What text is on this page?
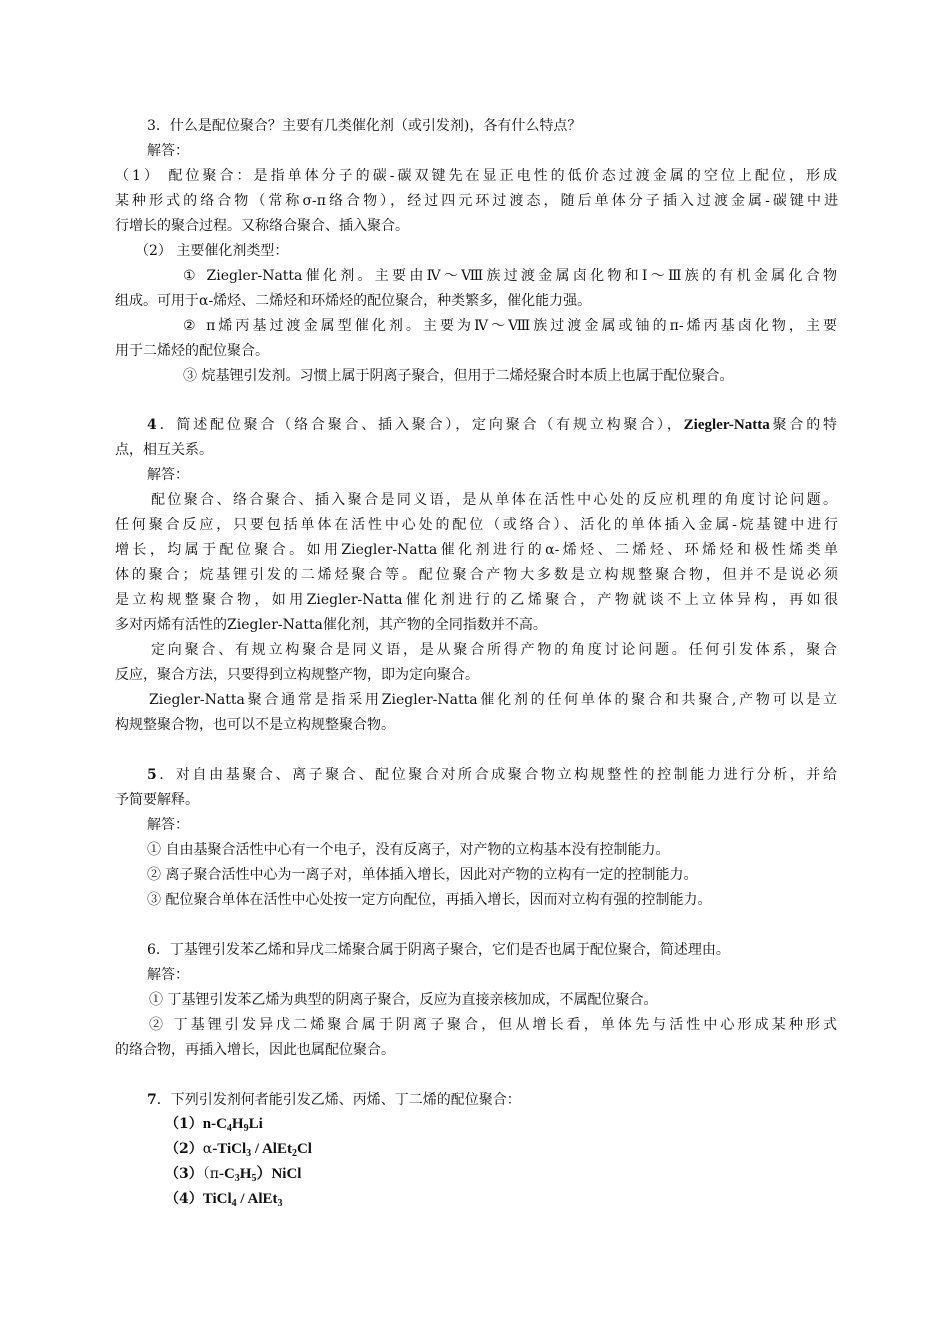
3．什么是配位聚合？主要有几类催化剂（或引发剂)，各有什么特点？
解答：
（1） 配位聚合：是指单体分子的碳-碳双键先在显正电性的低价态过渡金属的空位上配位，形成
某种形式的络合物（常称σ-π络合物），经过四元环过渡态，随后单体分子插入过渡金属-碳键中进
行增长的聚合过程。又称络合聚合、插入聚合。
（2） 主要催化剂类型：
① Ziegler-Natta催化剂。主要由Ⅳ～Ⅷ族过渡金属卤化物和Ⅰ～Ⅲ族的有机金属化合物
组成。可用于α-烯烃、二烯烃和环烯烃的配位聚合，种类繁多，催化能力强。
② π烯丙基过渡金属型催化剂。主要为Ⅳ～Ⅷ族过渡金属或铀的π-烯丙基卤化物，主要
用于二烯烃的配位聚合。
③ 烷基锂引发剂。习惯上属于阴离子聚合，但用于二烯烃聚合时本质上也属于配位聚合。
4．简述配位聚合（络合聚合、插入聚合），定向聚合（有规立构聚合），Ziegler-Natta聚合的特
点，相互关系。
解答：
配位聚合、络合聚合、插入聚合是同义语，是从单体在活性中心处的反应机理的角度讨论问题。
任何聚合反应，只要包括单体在活性中心处的配位（或络合）、活化的单体插入金属-烷基键中进行
增长，均属于配位聚合。如用Ziegler-Natta催化剂进行的α-烯烃、二烯烃、环烯烃和极性烯类单
体的聚合；烷基锂引发的二烯烃聚合等。配位聚合产物大多数是立构规整聚合物，但并不是说必须
是立构规整聚合物，如用Ziegler-Natta催化剂进行的乙烯聚合，产物就谈不上立体异构，再如很
多对丙烯有活性的Ziegler-Natta催化剂，其产物的全同指数并不高。
定向聚合、有规立构聚合是同义语，是从聚合所得产物的角度讨论问题。任何引发体系，聚合
反应，聚合方法，只要得到立构规整产物，即为定向聚合。
Ziegler-Natta聚合通常是指采用Ziegler-Natta催化剂的任何单体的聚合和共聚合,产物可以是立
构规整聚合物，也可以不是立构规整聚合物。
5．对自由基聚合、离子聚合、配位聚合对所合成聚合物立构规整性的控制能力进行分析，并给
予简要解释。
解答：
① 自由基聚合活性中心有一个电子，没有反离子，对产物的立构基本没有控制能力。
② 离子聚合活性中心为一离子对，单体插入增长，因此对产物的立构有一定的控制能力。
③ 配位聚合单体在活性中心处按一定方向配位，再插入增长，因而对立构有强的控制能力。
6．丁基锂引发苯乙烯和异戊二烯聚合属于阴离子聚合，它们是否也属于配位聚合，简述理由。
解答：
① 丁基锂引发苯乙烯为典型的阴离子聚合，反应为直接亲核加成，不属配位聚合。
② 丁基锂引发异戊二烯聚合属于阴离子聚合，但从增长看，单体先与活性中心形成某种形式
的络合物，再插入增长，因此也属配位聚合。
7．下列引发剂何者能引发乙烯、丙烯、丁二烯的配位聚合：
$(1)n-C_4H_9Li$
（2）α-TiCl$_3$ / AlEt$_2$Cl
$(3)(\pi-C_3H_5)NiCl$
（4）TiCl$_4$ / AlEt$_3$
